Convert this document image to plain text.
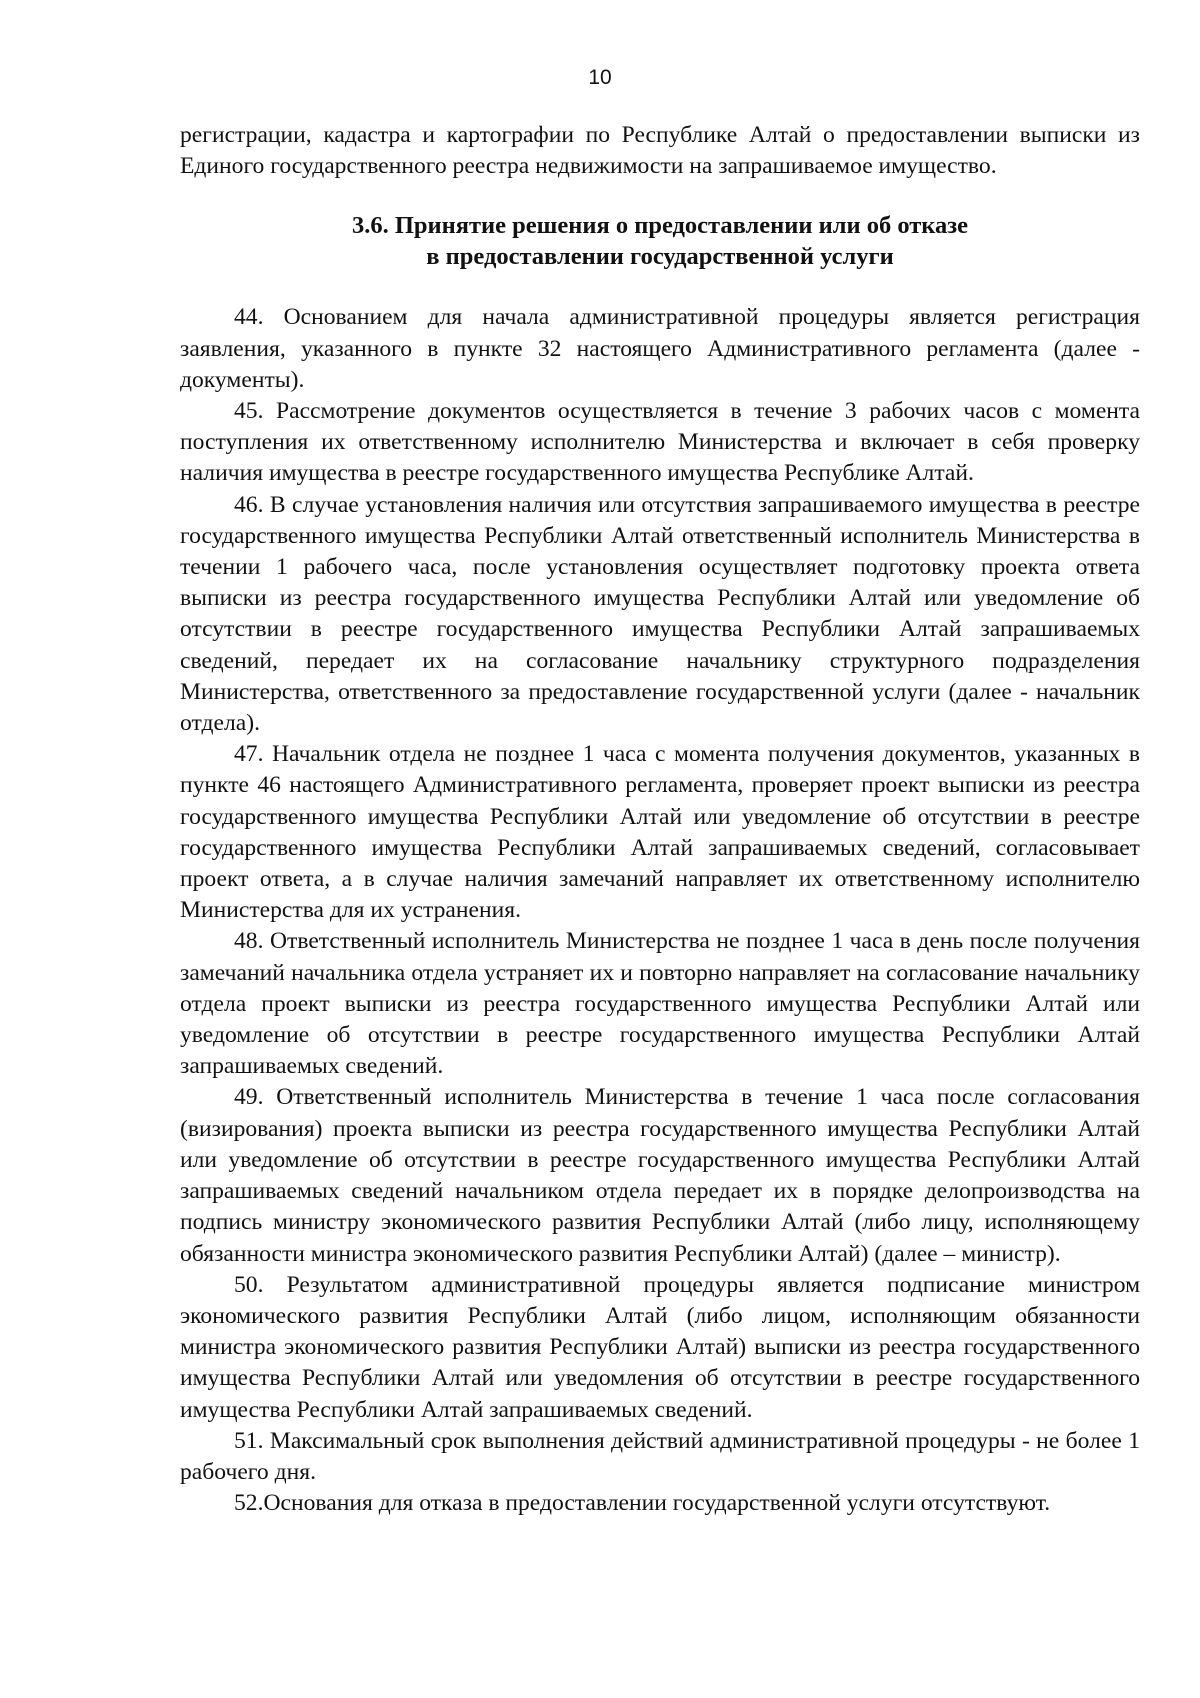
10

регистрации, кадастра и картографии по Республике Алтай о предоставлении выписки из Единого государственного реестра недвижимости на запрашиваемое имущество.

3.6. Принятие решения о предоставлении или об отказе
в предоставлении государственной услуги

44. Основанием для начала административной процедуры является регистрация заявления, указанного в пункте 32 настоящего Административного регламента (далее - документы).

45. Рассмотрение документов осуществляется в течение 3 рабочих часов с момента поступления их ответственному исполнителю Министерства и включает в себя проверку наличия имущества в реестре государственного имущества Республике Алтай.

46. В случае установления наличия или отсутствия запрашиваемого имущества в реестре государственного имущества Республики Алтай ответственный исполнитель Министерства в течении 1 рабочего часа, после установления осуществляет подготовку проекта ответа выписки из реестра государственного имущества Республики Алтай или уведомление об отсутствии в реестре государственного имущества Республики Алтай запрашиваемых сведений, передает их на согласование начальнику структурного подразделения Министерства, ответственного за предоставление государственной услуги (далее - начальник отдела).

47. Начальник отдела не позднее 1 часа с момента получения документов, указанных в пункте 46 настоящего Административного регламента, проверяет проект выписки из реестра государственного имущества Республики Алтай или уведомление об отсутствии в реестре государственного имущества Республики Алтай запрашиваемых сведений, согласовывает проект ответа, а в случае наличия замечаний направляет их ответственному исполнителю Министерства для их устранения.

48. Ответственный исполнитель Министерства не позднее 1 часа в день после получения замечаний начальника отдела устраняет их и повторно направляет на согласование начальнику отдела проект выписки из реестра государственного имущества Республики Алтай или уведомление об отсутствии в реестре государственного имущества Республики Алтай запрашиваемых сведений.

49. Ответственный исполнитель Министерства в течение 1 часа после согласования (визирования) проекта выписки из реестра государственного имущества Республики Алтай или уведомление об отсутствии в реестре государственного имущества Республики Алтай запрашиваемых сведений начальником отдела передает их в порядке делопроизводства на подпись министру экономического развития Республики Алтай (либо лицу, исполняющему обязанности министра экономического развития Республики Алтай) (далее – министр).

50. Результатом административной процедуры является подписание министром экономического развития Республики Алтай (либо лицом, исполняющим обязанности министра экономического развития Республики Алтай) выписки из реестра государственного имущества Республики Алтай или уведомления об отсутствии в реестре государственного имущества Республики Алтай запрашиваемых сведений.

51. Максимальный срок выполнения действий административной процедуры - не более 1 рабочего дня.

52.Основания для отказа в предоставлении государственной услуги отсутствуют.
